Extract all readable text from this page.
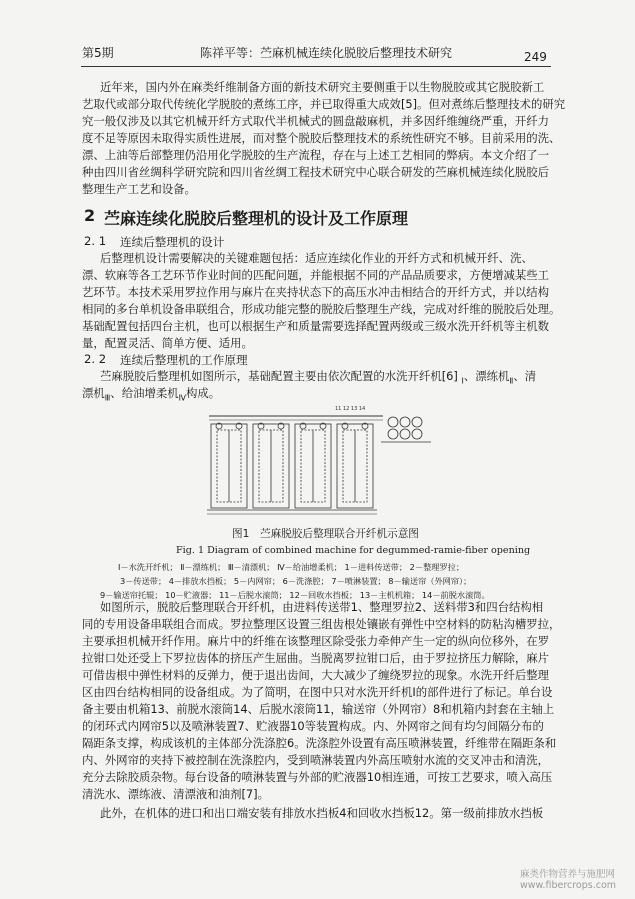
第5期	陈祥平等：苎麻机械连续化脱胶后整理技术研究	249
近年来，国内外在麻类纤维制备方面的新技术研究主要侧重于以生物脱胶或其它脱胶新工
艺取代或部分取代传统化学脱胶的煮练工序，并已取得重大成效[5]。但对煮练后整理技术的研究
究一般仅涉及以其它机械开纤方式取代半机械式的圆盘敲麻机，并多因纤维缠绕严重，开纤力
度不足等原因未取得实质性进展，而对整个脱胶后整理技术的系统性研究不够。目前采用的洗、
漂、上油等后部整理仍沿用化学脱胶的生产流程，存在与上述工艺相同的弊病。本文介绍了一
种由四川省丝绸科学研究院和四川省丝绸工程技术研究中心联合研发的苎麻机械连续化脱胶后
整理生产工艺和设备。
2 苎麻连续化脱胶后整理机的设计及工作原理
2. 1 连续后整理机的设计
后整理机设计需要解决的关键难题包括：适应连续化作业的开纤方式和机械开纤、洗、
漂、软麻等各工艺环节作业时间的匹配问题，并能根据不同的产品品质要求，方便增减某些工
艺环节。本技术采用罗拉作用与麻片在夹持状态下的高压水冲击相结合的开纤方式，并以结构
相同的多台单机设备串联组合，形成功能完整的脱胶后整理生产线，完成对纤维的脱胶后处理。
基础配置包括四台主机，也可以根据生产和质量需要选择配置两级或三级水洗开纤机等主机数
量，配置灵活、简单方便、适用。
2. 2 连续后整理机的工作原理
苎麻脱胶后整理机如图所示，基础配置主要由依次配置的水洗开纤机[6] $_Ⅰ$、漂练机$_Ⅱ$、清
漂机$_Ⅲ$、给油增柔机$_Ⅳ$构成。
11 12 13 14
图1 苎麻脱胶后整理联合开纤机示意图
Fig. 1 Diagram of combined machine for degummed-ramie-fiber opening
Ⅰ－水洗开纤机； Ⅱ－漂练机； Ⅲ－清漂机； Ⅳ－给油增柔机； 1－进料传送带； 2－整理罗拉；
3－传送带； 4－排放水挡板； 5－内网帘； 6－洗涤腔； 7－喷淋装置； 8－输送帘（外网帘）；
9－输送帘托辊； 10－贮液器； 11－后脱水滚筒； 12－回收水挡板； 13－主机机箱； 14－前脱水滚筒。
如图所示，脱胶后整理联合开纤机，由进料传送带1、整理罗拉2、送料带3和四台结构相
同的专用设备串联组合而成。罗拉整理区设置三组齿根处镶嵌有弹性中空材料的防粘沟槽罗拉，
主要承担机械开纤作用。麻片中的纤维在该整理区除受张力牵伸产生一定的纵向位移外，在罗
拉钳口处还受上下罗拉齿体的挤压产生屈曲。当脱离罗拉钳口后，由于罗拉挤压力解除，麻片
可借齿根中弹性材料的反弹力，便于退出齿间，大大减少了缠绕罗拉的现象。水洗开纤后整理
区由四台结构相同的设备组成。为了简明，在图中只对水洗开纤机I的部件进行了标记。单台设
备主要由机箱13、前脱水滚筒14、后脱水滚筒11，输送帘（外网帘）8和机箱内封套在主轴上
的闭环式内网帘5以及喷淋装置7、贮液器10等装置构成。内、外网帘之间有均匀间隔分布的
隔距条支撑，构成该机的主体部分洗涤腔6。洗涤腔外设置有高压喷淋装置，纤维带在隔距条和
内、外网帘的夹持下被控制在洗涤腔内，受到喷淋装置内外高压喷射水流的交叉冲击和清洗，
充分去除胶质杂物。每台设备的喷淋装置与外部的贮液器10相连通，可按工艺要求，喷入高压
清洗水、漂练液、清漂液和油剂[7]。
此外，在机体的进口和出口端安装有排放水挡板4和回收水挡板12。第一级前排放水挡板
麻类作物营养与施肥网
www.fibercrops.com
